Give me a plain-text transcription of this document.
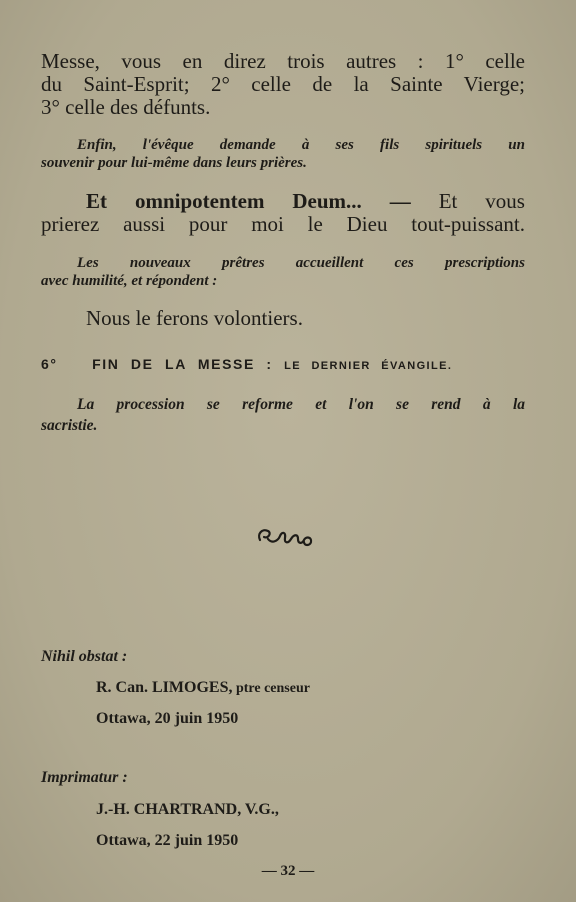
Messe, vous en direz trois autres : 1° celle
du Saint-Esprit; 2° celle de la Sainte Vierge;
3° celle des défunts.
Enfin, l'évêque demande à ses fils spirituels un
souvenir pour lui-même dans leurs prières.
Et omnipotentem Deum... — Et vous
prierez aussi pour moi le Dieu tout-puissant.
Les nouveaux prêtres accueillent ces prescriptions
avec humilité, et répondent :
Nous le ferons volontiers.
6° FIN DE LA MESSE : LE DERNIER ÉVANGILE.
La procession se reforme et l'on se rend à la
sacristie.
Nihil obstat :
R. Can. LIMOGES, ptre censeur
Ottawa, 20 juin 1950
Imprimatur :
J.-H. CHARTRAND, V.G.,
Ottawa, 22 juin 1950
— 32 —
